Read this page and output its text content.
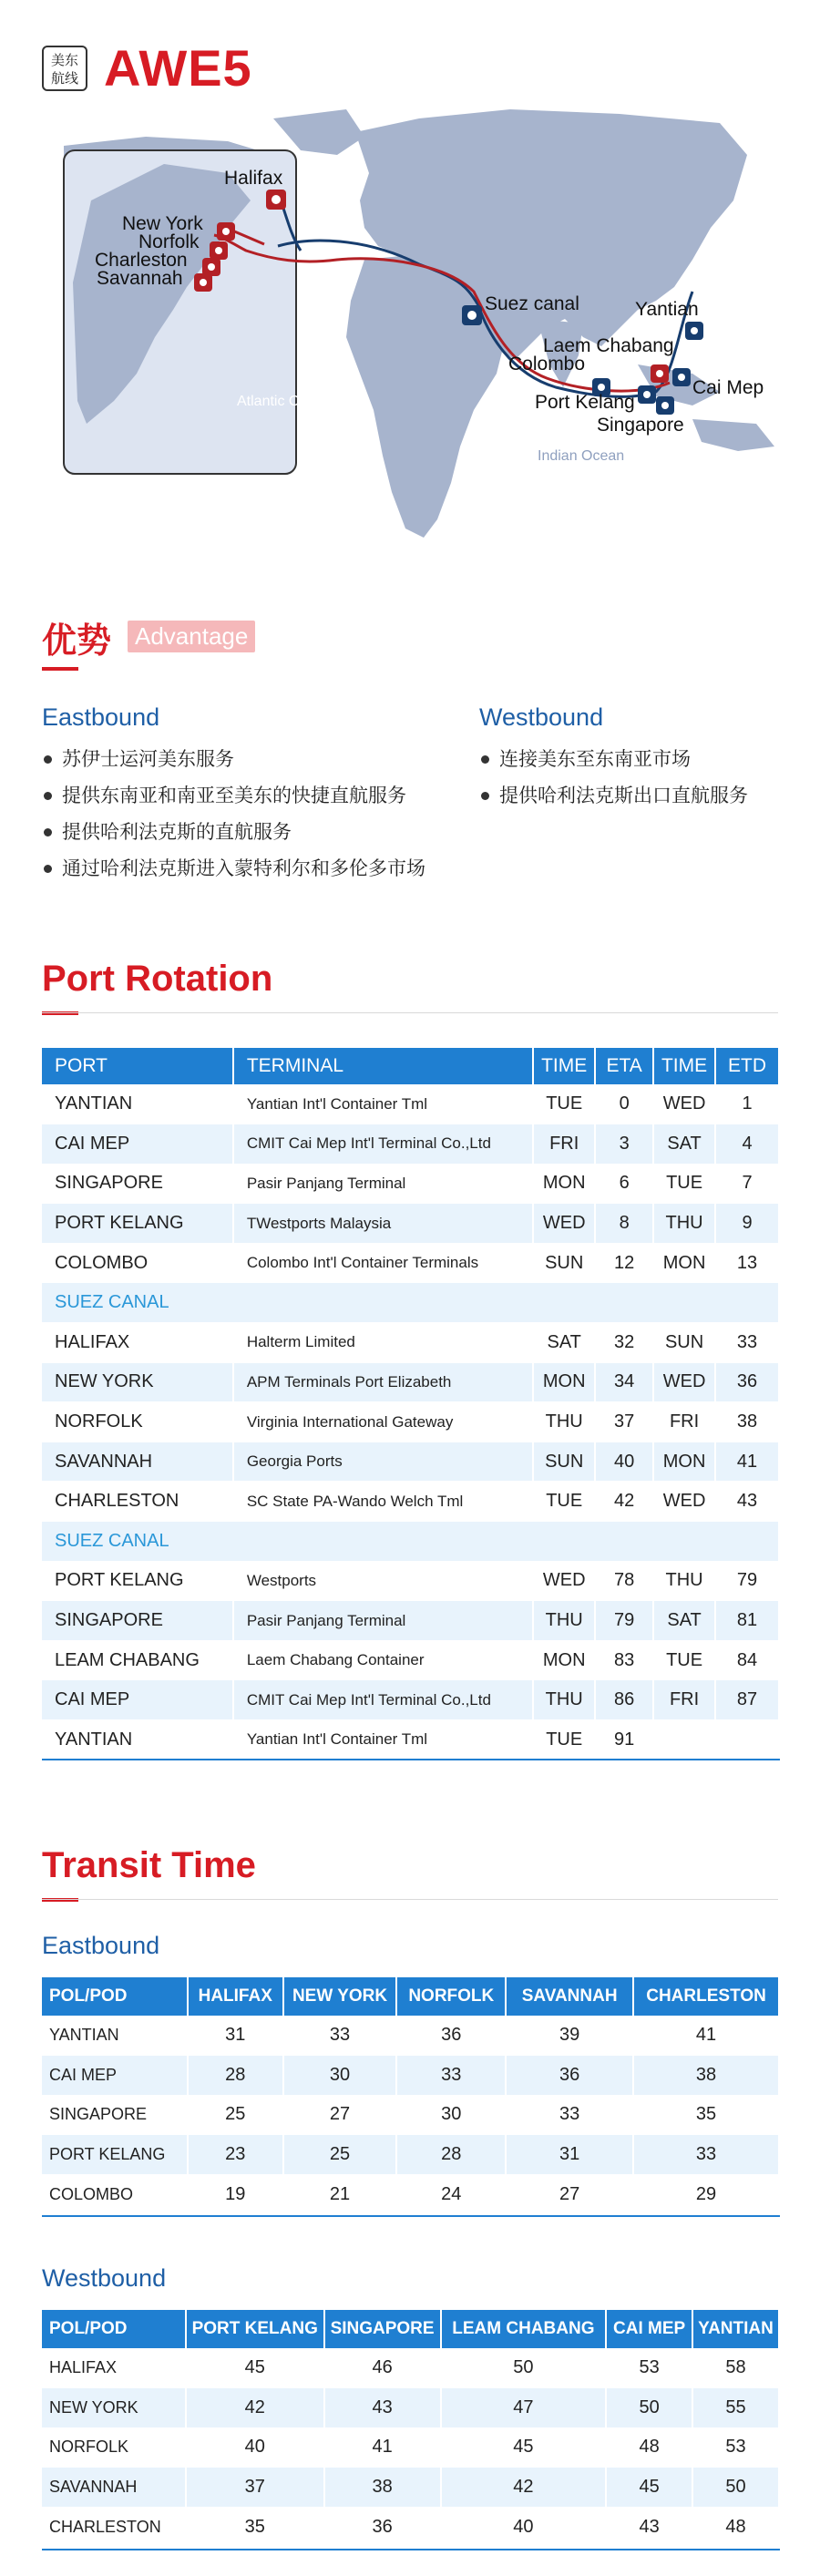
美东
航线 AWE5
Atlantic Ocean
Indian Ocean
Halifax
New York
Norfolk
Charleston
Savannah
Suez canal	Yantian
Laem Chabang
Colombo
Cai Mep
Port Kelang
Singapore
优势 Advantage
Eastbound
苏伊士运河美东服务
提供东南亚和南亚至美东的快捷直航服务
提供哈利法克斯的直航服务
通过哈利法克斯进入蒙特利尔和多伦多市场
Westbound
连接美东至东南亚市场
提供哈利法克斯出口直航服务
Port Rotation
PORT	TERMINAL	TIME	ETA	TIME	ETD
YANTIAN	Yantian Int'l Container Tml	TUE	0	WED	1
CAI MEP	CMIT Cai Mep Int'l Terminal Co.,Ltd	FRI	3	SAT	4
SINGAPORE	Pasir Panjang Terminal	MON	6	TUE	7
PORT KELANG	TWestports Malaysia	WED	8	THU	9
COLOMBO	Colombo Int'l Container Terminals	SUN	12	MON	13
SUEZ CANAL					
HALIFAX	Halterm Limited	SAT	32	SUN	33
NEW YORK	APM Terminals Port Elizabeth	MON	34	WED	36
NORFOLK	Virginia International Gateway	THU	37	FRI	38
SAVANNAH	Georgia Ports	SUN	40	MON	41
CHARLESTON	SC State PA-Wando Welch Tml	TUE	42	WED	43
SUEZ CANAL					
PORT KELANG	Westports	WED	78	THU	79
SINGAPORE	Pasir Panjang Terminal	THU	79	SAT	81
LEAM CHABANG	Laem Chabang Container	MON	83	TUE	84
CAI MEP	CMIT Cai Mep Int'l Terminal Co.,Ltd	THU	86	FRI	87
YANTIAN	Yantian Int'l Container Tml	TUE	91		
Transit Time
Eastbound
POL/POD	HALIFAX	NEW YORK	NORFOLK	SAVANNAH	CHARLESTON
YANTIAN	31	33	36	39	41
CAI MEP	28	30	33	36	38
SINGAPORE	25	27	30	33	35
PORT KELANG	23	25	28	31	33
COLOMBO	19	21	24	27	29
Westbound
POL/POD	PORT KELANG	SINGAPORE	LEAM CHABANG	CAI MEP	YANTIAN
HALIFAX	45	46	50	53	58
NEW YORK	42	43	47	50	55
NORFOLK	40	41	45	48	53
SAVANNAH	37	38	42	45	50
CHARLESTON	35	36	40	43	48
